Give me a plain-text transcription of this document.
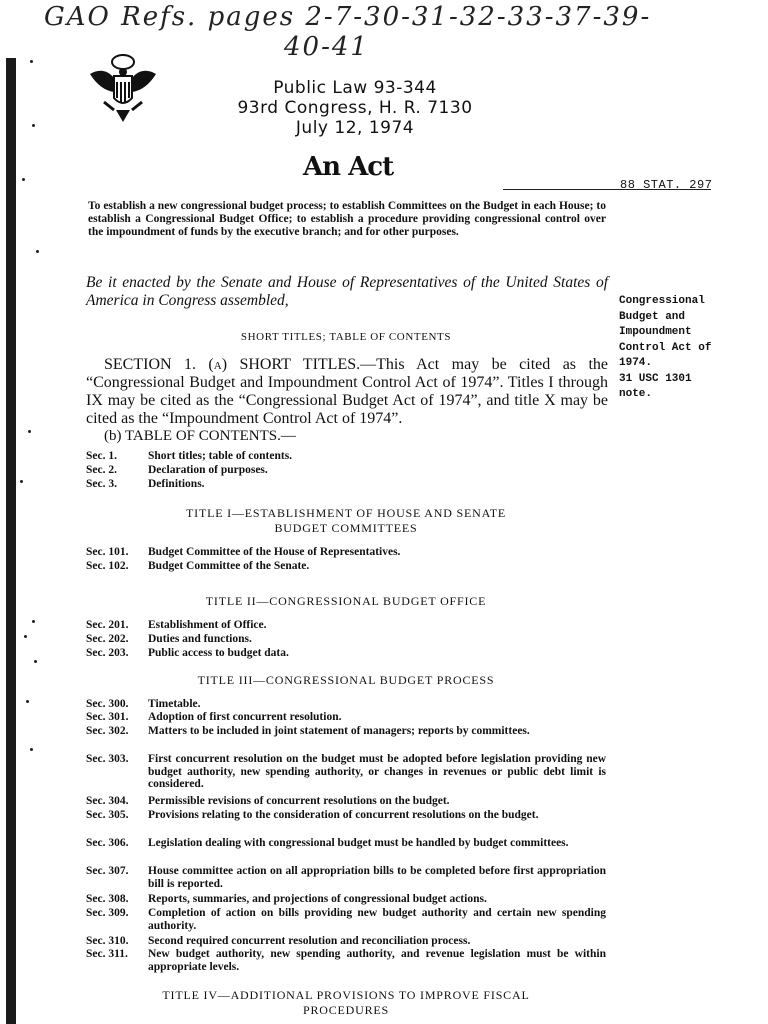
GAO Refs. pages 2-7-30-31-32-33-37-39-
40-41
Public Law 93-344
93rd Congress, H. R. 7130
July 12, 1974
An Act
88 STAT. 297
To establish a new congressional budget process; to establish Committees on the Budget in each House; to establish a Congressional Budget Office; to establish a procedure providing congressional control over the impoundment of funds by the executive branch; and for other purposes.
Be it enacted by the Senate and House of Representatives of the United States of America in Congress assembled,	Congressional
Budget and
Impoundment
Control Act of
1974.
31 USC 1301
note.
SHORT TITLES; TABLE OF CONTENTS
SECTION 1. (a) SHORT TITLES.—This Act may be cited as the “Congressional Budget and Impoundment Control Act of 1974”. Titles I through IX may be cited as the “Congressional Budget Act of 1974”, and title X may be cited as the “Impoundment Control Act of 1974”.
(b) TABLE OF CONTENTS.—
Sec. 1.	Short titles; table of contents.
Sec. 2.	Declaration of purposes.
Sec. 3.	Definitions.
TITLE I—ESTABLISHMENT OF HOUSE AND SENATE BUDGET COMMITTEES
Sec. 101.	Budget Committee of the House of Representatives.
Sec. 102.	Budget Committee of the Senate.
TITLE II—CONGRESSIONAL BUDGET OFFICE
Sec. 201.	Establishment of Office.
Sec. 202.	Duties and functions.
Sec. 203.	Public access to budget data.
TITLE III—CONGRESSIONAL BUDGET PROCESS
Sec. 300.	Timetable.
Sec. 301.	Adoption of first concurrent resolution.
Sec. 302.	Matters to be included in joint statement of managers; reports by committees.
Sec. 303.	First concurrent resolution on the budget must be adopted before legislation providing new budget authority, new spending authority, or changes in revenues or public debt limit is considered.
Sec. 304.	Permissible revisions of concurrent resolutions on the budget.
Sec. 305.	Provisions relating to the consideration of concurrent resolutions on the budget.
Sec. 306.	Legislation dealing with congressional budget must be handled by budget committees.
Sec. 307.	House committee action on all appropriation bills to be completed before first appropriation bill is reported.
Sec. 308.	Reports, summaries, and projections of congressional budget actions.
Sec. 309.	Completion of action on bills providing new budget authority and certain new spending authority.
Sec. 310.	Second required concurrent resolution and reconciliation process.
Sec. 311.	New budget authority, new spending authority, and revenue legislation must be within appropriate levels.
TITLE IV—ADDITIONAL PROVISIONS TO IMPROVE FISCAL PROCEDURES
